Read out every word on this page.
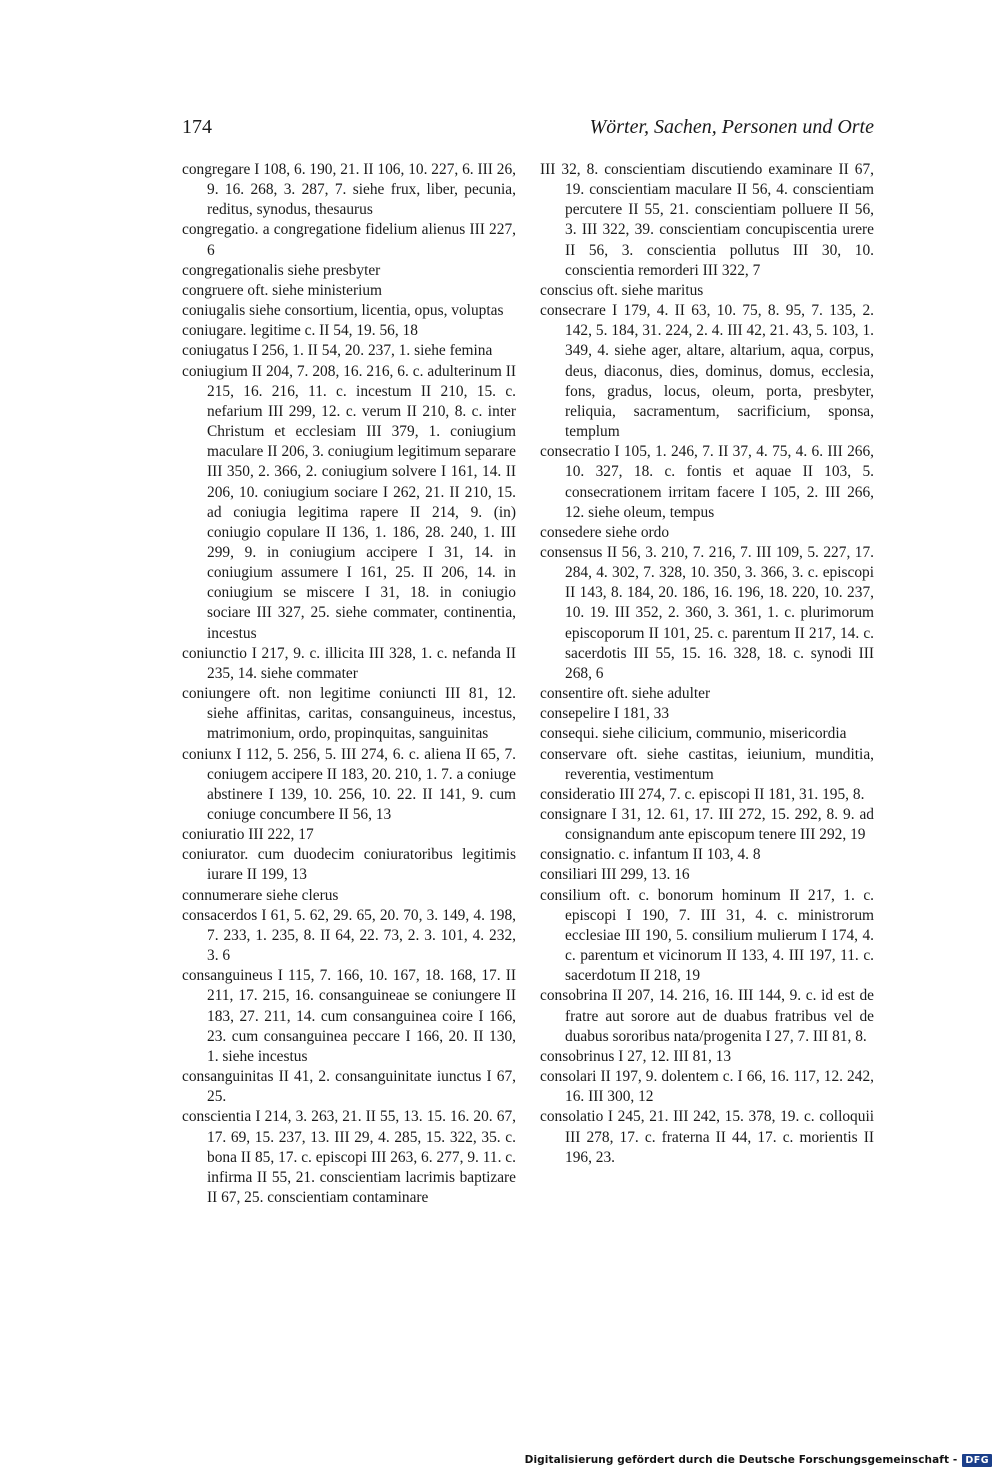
174	Wörter, Sachen, Personen und Orte

congregare I 108, 6. 190, 21. II 106, 10. 227, 6. III 26, 9. 16. 268, 3. 287, 7. siehe frux, liber, pecunia, reditus, synodus, thesaurus

congregatio. a congregatione fidelium alienus III 227, 6

congregationalis siehe presbyter

congruere oft. siehe ministerium

coniugalis siehe consortium, licentia, opus, voluptas

coniugare. legitime c. II 54, 19. 56, 18

coniugatus I 256, 1. II 54, 20. 237, 1. siehe femina

coniugium II 204, 7. 208, 16. 216, 6. c. adulterinum II 215, 16. 216, 11. c. incestum II 210, 15. c. nefarium III 299, 12. c. verum II 210, 8. c. inter Christum et ecclesiam III 379, 1. coniugium maculare II 206, 3. coniugium legitimum separare III 350, 2. 366, 2. coniugium solvere I 161, 14. II 206, 10. coniugium sociare I 262, 21. II 210, 15. ad coniugia legitima rapere II 214, 9. (in) coniugio copulare II 136, 1. 186, 28. 240, 1. III 299, 9. in coniugium accipere I 31, 14. in coniugium assumere I 161, 25. II 206, 14. in coniugium se miscere I 31, 18. in coniugio sociare III 327, 25. siehe commater, continentia, incestus

coniunctio I 217, 9. c. illicita III 328, 1. c. nefanda II 235, 14. siehe commater

coniungere oft. non legitime coniuncti III 81, 12. siehe affinitas, caritas, consanguineus, incestus, matrimonium, ordo, propinquitas, sanguinitas

coniunx I 112, 5. 256, 5. III 274, 6. c. aliena II 65, 7. coniugem accipere II 183, 20. 210, 1. 7. a coniuge abstinere I 139, 10. 256, 10. 22. II 141, 9. cum coniuge concumbere II 56, 13

coniuratio III 222, 17

coniurator. cum duodecim coniuratoribus legitimis iurare II 199, 13

connumerare siehe clerus

consacerdos I 61, 5. 62, 29. 65, 20. 70, 3. 149, 4. 198, 7. 233, 1. 235, 8. II 64, 22. 73, 2. 3. 101, 4. 232, 3. 6

consanguineus I 115, 7. 166, 10. 167, 18. 168, 17. II 211, 17. 215, 16. consanguineae se coniungere II 183, 27. 211, 14. cum consanguinea coire I 166, 23. cum consanguinea peccare I 166, 20. II 130, 1. siehe incestus

consanguinitas II 41, 2. consanguinitate iunctus I 67, 25.

conscientia I 214, 3. 263, 21. II 55, 13. 15. 16. 20. 67, 17. 69, 15. 237, 13. III 29, 4. 285, 15. 322, 35. c. bona II 85, 17. c. episcopi III 263, 6. 277, 9. 11. c. infirma II 55, 21. conscientiam lacrimis baptizare II 67, 25. conscientiam contaminare

III 32, 8. conscientiam discutiendo examinare II 67, 19. conscientiam maculare II 56, 4. conscientiam percutere II 55, 21. conscientiam polluere II 56, 3. III 322, 39. conscientiam concupiscentia urere II 56, 3. conscientia pollutus III 30, 10. conscientia remorderi III 322, 7

conscius oft. siehe maritus

consecrare I 179, 4. II 63, 10. 75, 8. 95, 7. 135, 2. 142, 5. 184, 31. 224, 2. 4. III 42, 21. 43, 5. 103, 1. 349, 4. siehe ager, altare, altarium, aqua, corpus, deus, diaconus, dies, dominus, domus, ecclesia, fons, gradus, locus, oleum, porta, presbyter, reliquia, sacramentum, sacrificium, sponsa, templum

consecratio I 105, 1. 246, 7. II 37, 4. 75, 4. 6. III 266, 10. 327, 18. c. fontis et aquae II 103, 5. consecrationem irritam facere I 105, 2. III 266, 12. siehe oleum, tempus

consedere siehe ordo

consensus II 56, 3. 210, 7. 216, 7. III 109, 5. 227, 17. 284, 4. 302, 7. 328, 10. 350, 3. 366, 3. c. episcopi II 143, 8. 184, 20. 186, 16. 196, 18. 220, 10. 237, 10. 19. III 352, 2. 360, 3. 361, 1. c. plurimorum episcoporum II 101, 25. c. parentum II 217, 14. c. sacerdotis III 55, 15. 16. 328, 18. c. synodi III 268, 6

consentire oft. siehe adulter

consepelire I 181, 33

consequi. siehe cilicium, communio, misericordia

conservare oft. siehe castitas, ieiunium, munditia, reverentia, vestimentum

consideratio III 274, 7. c. episcopi II 181, 31. 195, 8.

consignare I 31, 12. 61, 17. III 272, 15. 292, 8. 9. ad consignandum ante episcopum tenere III 292, 19

consignatio. c. infantum II 103, 4. 8

consiliari III 299, 13. 16

consilium oft. c. bonorum hominum II 217, 1. c. episcopi I 190, 7. III 31, 4. c. ministrorum ecclesiae III 190, 5. consilium mulierum I 174, 4. c. parentum et vicinorum II 133, 4. III 197, 11. c. sacerdotum II 218, 19

consobrina II 207, 14. 216, 16. III 144, 9. c. id est de fratre aut sorore aut de duabus fratribus vel de duabus sororibus nata/progenita I 27, 7. III 81, 8.

consobrinus I 27, 12. III 81, 13

consolari II 197, 9. dolentem c. I 66, 16. 117, 12. 242, 16. III 300, 12

consolatio I 245, 21. III 242, 15. 378, 19. c. colloquii III 278, 17. c. fraterna II 44, 17. c. morientis II 196, 23.

Digitalisierung gefördert durch die Deutsche Forschungsgemeinschaft - DFG
